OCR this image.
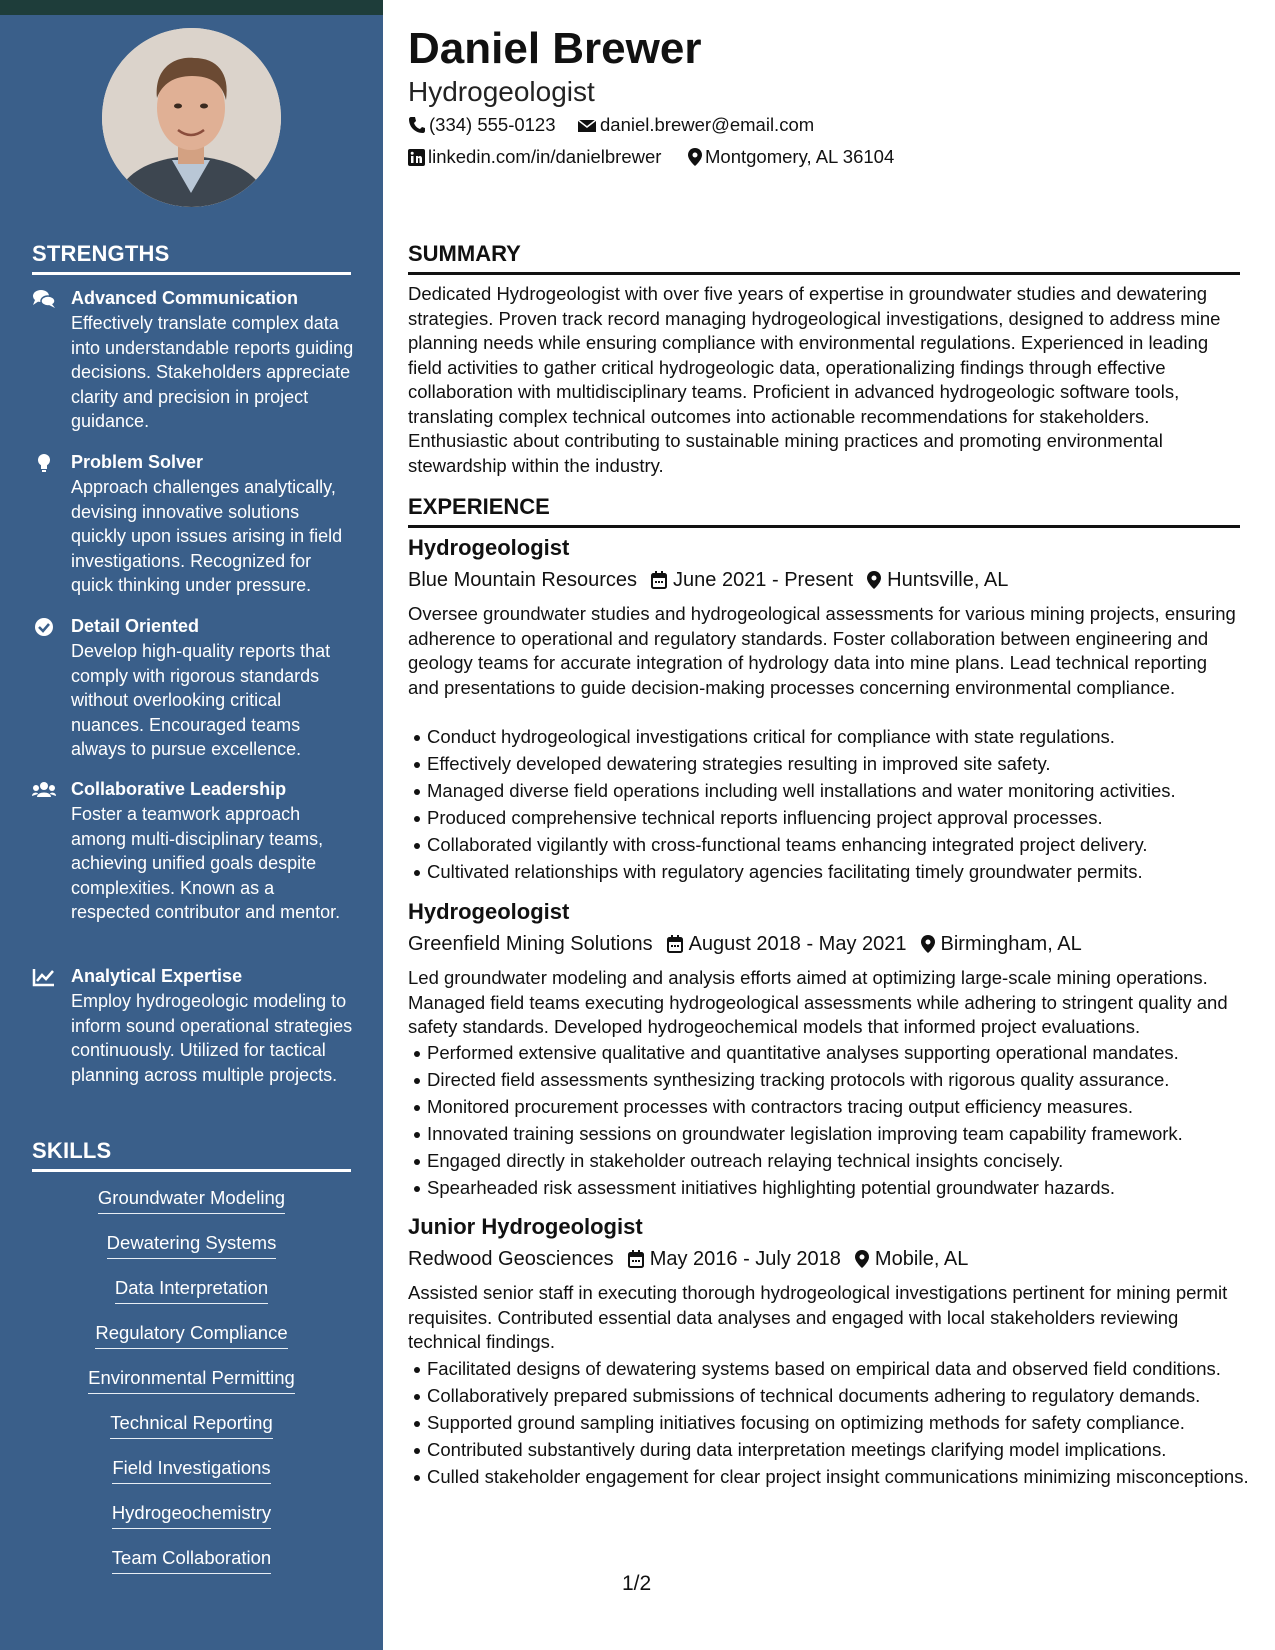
STRENGTHS
Advanced Communication
Effectively translate complex data into understandable reports guiding decisions. Stakeholders appreciate clarity and precision in project guidance.
Problem Solver
Approach challenges analytically, devising innovative solutions quickly upon issues arising in field investigations. Recognized for quick thinking under pressure.
Detail Oriented
Develop high-quality reports that comply with rigorous standards without overlooking critical nuances. Encouraged teams always to pursue excellence.
Collaborative Leadership
Foster a teamwork approach among multi-disciplinary teams, achieving unified goals despite complexities. Known as a respected contributor and mentor.
Analytical Expertise
Employ hydrogeologic modeling to inform sound operational strategies continuously. Utilized for tactical planning across multiple projects.
SKILLS
Groundwater Modeling
Dewatering Systems
Data Interpretation
Regulatory Compliance
Environmental Permitting
Technical Reporting
Field Investigations
Hydrogeochemistry
Team Collaboration
Daniel Brewer
Hydrogeologist
(334) 555-0123	daniel.brewer@email.com
linkedin.com/in/danielbrewer	Montgomery, AL 36104
SUMMARY
Dedicated Hydrogeologist with over five years of expertise in groundwater studies and dewatering strategies. Proven track record managing hydrogeological investigations, designed to address mine planning needs while ensuring compliance with environmental regulations. Experienced in leading field activities to gather critical hydrogeologic data, operationalizing findings through effective collaboration with multidisciplinary teams. Proficient in advanced hydrogeologic software tools, translating complex technical outcomes into actionable recommendations for stakeholders. Enthusiastic about contributing to sustainable mining practices and promoting environmental stewardship within the industry.
EXPERIENCE
Hydrogeologist
Blue Mountain Resources June 2021 - Present Huntsville, AL
Oversee groundwater studies and hydrogeological assessments for various mining projects, ensuring adherence to operational and regulatory standards. Foster collaboration between engineering and geology teams for accurate integration of hydrology data into mine plans. Lead technical reporting and presentations to guide decision-making processes concerning environmental compliance.
Conduct hydrogeological investigations critical for compliance with state regulations.
Effectively developed dewatering strategies resulting in improved site safety.
Managed diverse field operations including well installations and water monitoring activities.
Produced comprehensive technical reports influencing project approval processes.
Collaborated vigilantly with cross-functional teams enhancing integrated project delivery.
Cultivated relationships with regulatory agencies facilitating timely groundwater permits.
Hydrogeologist
Greenfield Mining Solutions August 2018 - May 2021 Birmingham, AL
Led groundwater modeling and analysis efforts aimed at optimizing large-scale mining operations. Managed field teams executing hydrogeological assessments while adhering to stringent quality and safety standards. Developed hydrogeochemical models that informed project evaluations.
Performed extensive qualitative and quantitative analyses supporting operational mandates.
Directed field assessments synthesizing tracking protocols with rigorous quality assurance.
Monitored procurement processes with contractors tracing output efficiency measures.
Innovated training sessions on groundwater legislation improving team capability framework.
Engaged directly in stakeholder outreach relaying technical insights concisely.
Spearheaded risk assessment initiatives highlighting potential groundwater hazards.
Junior Hydrogeologist
Redwood Geosciences May 2016 - July 2018 Mobile, AL
Assisted senior staff in executing thorough hydrogeological investigations pertinent for mining permit requisites. Contributed essential data analyses and engaged with local stakeholders reviewing technical findings.
Facilitated designs of dewatering systems based on empirical data and observed field conditions.
Collaboratively prepared submissions of technical documents adhering to regulatory demands.
Supported ground sampling initiatives focusing on optimizing methods for safety compliance.
Contributed substantively during data interpretation meetings clarifying model implications.
Culled stakeholder engagement for clear project insight communications minimizing misconceptions.
1/2
